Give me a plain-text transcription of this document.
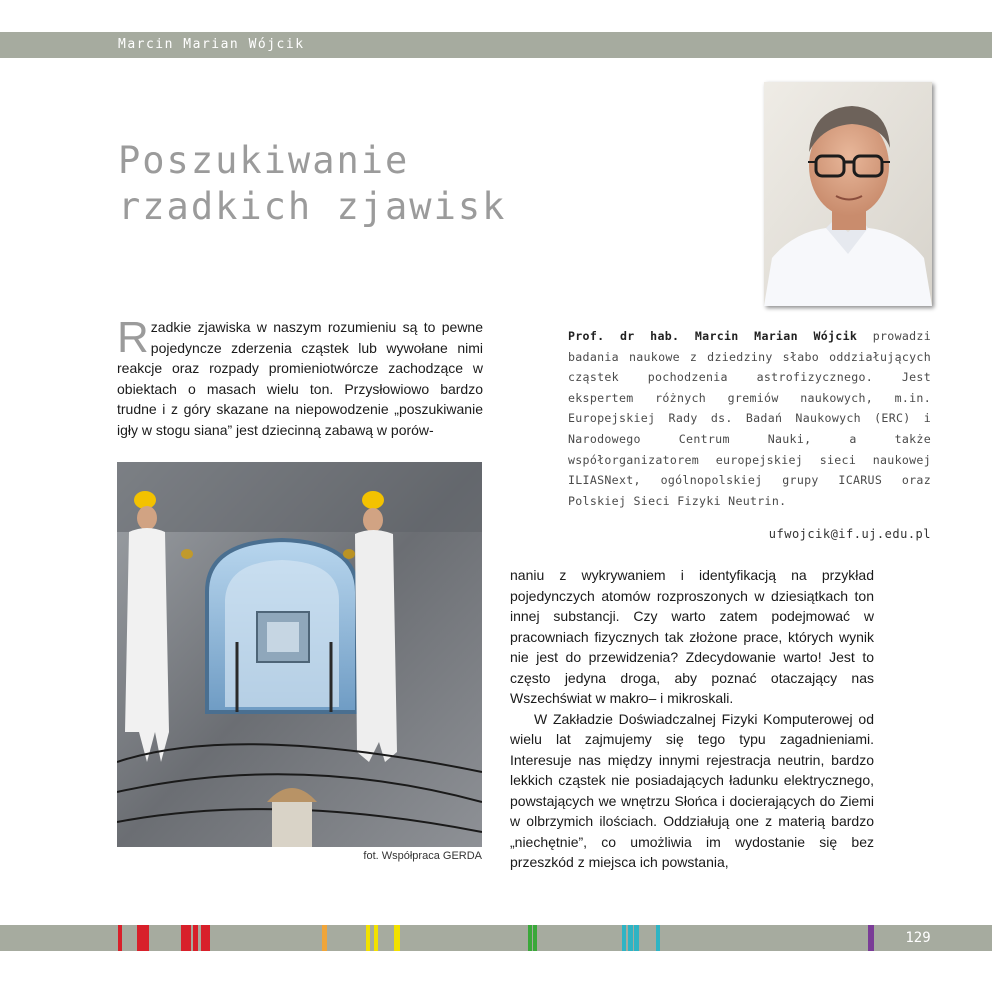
Marcin Marian Wójcik
Poszukiwanie
rzadkich zjawisk

Rzadkie zjawiska w naszym rozumieniu są to pewne pojedyncze zderzenia cząstek lub wywołane nimi reakcje oraz rozpady promieniotwórcze zachodzące w obiektach o masach wielu ton. Przysłowiowo bardzo trudne i z góry skazane na niepowodzenie „poszukiwanie igły w stogu siana” jest dziecinną zabawą w porów-

fot. Współpraca GERDA

Prof. dr hab. Marcin Marian Wójcik prowadzi badania naukowe z dziedziny słabo oddziałujących cząstek pochodzenia astrofizycznego. Jest ekspertem różnych gremiów naukowych, m.in. Europejskiej Rady ds. Badań Naukowych (ERC) i Narodowego Centrum Nauki, a także współorganizatorem europejskiej sieci naukowej ILIASNext, ogólnopolskiej grupy ICARUS oraz Polskiej Sieci Fizyki Neutrin.

ufwojcik@if.uj.edu.pl

naniu z wykrywaniem i identyfikacją na przykład pojedynczych atomów rozproszonych w dziesiątkach ton innej substancji. Czy warto zatem podejmować w pracowniach fizycznych tak złożone prace, których wynik nie jest do przewidzenia? Zdecydowanie warto! Jest to często jedyna droga, aby poznać otaczający nas Wszechświat w makro– i mikroskali.

W Zakładzie Doświadczalnej Fizyki Komputerowej od wielu lat zajmujemy się tego typu zagadnieniami. Interesuje nas między innymi rejestracja neutrin, bardzo lekkich cząstek nie posiadających ładunku elektrycznego, powstających we wnętrzu Słońca i docierających do Ziemi w olbrzymich ilościach. Oddziałują one z materią bardzo „niechętnie”, co umożliwia im wydostanie się bez przeszkód z miejsca ich powstania,

129
